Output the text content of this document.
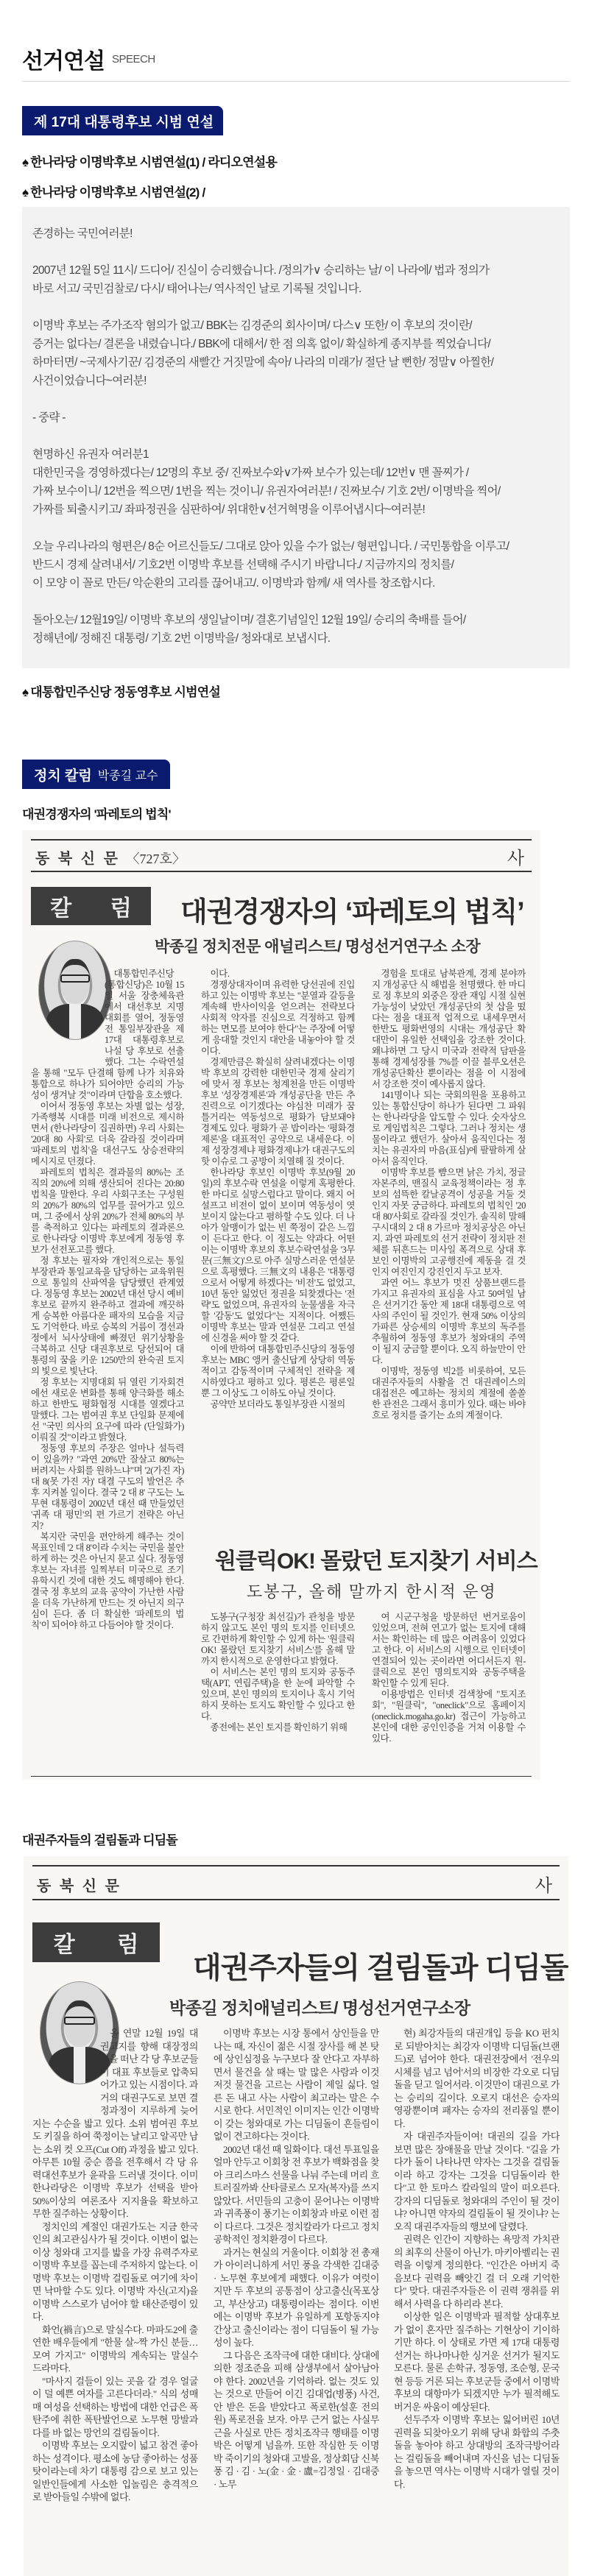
선거연설 SPEECH
제 17대 대통령후보 시범 연설
♠ 한나라당 이명박후보 시범연설(1) / 라디오연설용
♠ 한나라당 이명박후보 시범연설(2) /
존경하는 국민여러분!
2007년 12월 5일 11시/ 드디어/ 진실이 승리했습니다. /정의가∨ 승리하는 날/ 이 나라에/ 법과 정의가
바로 서고/ 국민검찰로/ 다시/ 태어나는/ 역사적인 날로 기록될 것입니다.
이명박 후보는 주가조작 혐의가 없고/ BBK는 김경준의 회사이며/ 다스∨ 또한/ 이 후보의 것이란/
증거는 없다는/ 결론을 내렸습니다./ BBK에 대해서/ 한 점 의혹 없이/ 확실하게 종지부를 찍었습니다/
하마터면/ ~국제사기꾼/ 김경준의 새빨간 거짓말에 속아/ 나라의 미래가/ 절단 날 뻔한/ 정말∨ 아찔한/
사건이었습니다~여러분!
- 중략 -
현명하신 유권자 여러분1
대한민국을 경영하겠다는/ 12명의 후보 중/ 진짜보수와∨가짜 보수가 있는데/ 12번∨ 맨 꼴찌가 /
가짜 보수이니/ 12번을 찍으면/ 1번을 찍는 것이니/ 유권자여러분! / 진짜보수/ 기호 2번/ 이명박을 찍어/
가짜를 퇴출시키고/ 좌파정권을 심판하여/ 위대한∨선거혁명을 이루어냅시다~여러분!
오늘 우리나라의 형편은/ 8순 어르신들도/ 그대로 앉아 있을 수가 없는/ 형편입니다. / 국민통합을 이루고/
반드시 경제 살려내서/ 기호2번 이명박 후보를 선택해 주시기 바랍니다./ 지금까지의 정치를/
이 모양 이 꼴로 만든/ 악순환의 고리를 끊어내고/. 이명박과 함께/ 새 역사를 창조합시다.
돌아오는/ 12월19일/ 이명박 후보의 생일날이며/ 결혼기념일인 12월 19일/ 승리의 축배를 들어/
정해년에/ 정해진 대통령/ 기호 2번 이명박을/ 청와대로 보냅시다.
♠ 대통합민주신당 정동영후보 시범연설
정치 칼럼 박종길 교수
대권경쟁자의 '파레토의 법칙'
동 북 신 문 〈727호〉	사
칼 럼 대권경쟁자의 ‘파레토의 법칙’
박종길 정치전문 애널리스트/ 명성선거연구소 소장

대통합민주신당(통합신당)은 10월 15일 서울 장충체육관에서 대선후보 지명대회를 열어, 정동영 전 통일부장관을 제 17대 대통령후보로 나설 당 후보로 선출했다. 그는 수락연설을 통해 "모두 단결해 함께 나가 치유와 통합으로 하나가 되어야만 승리의 가능성이 생겨날 것"이라며 단합을 호소했다.

이어서 정동영 후보는 차별 없는 성장, 가족행복 시대를 미래 비전으로 제시하면서 (한나라당이 집권하면) 우리 사회는 '20대 80 사회'로 더욱 갈라질 것이라며 '파레토의 법칙'을 대선구도 상승전략의 메시지로 던졌다.

파레토의 법칙은 결과물의 80%는 조직의 20%에 의해 생산되어 진다는 20:80 법칙을 말한다. 우리 사회구조는 구성원의 20%가 80%의 업무를 끌어가고 있으며, 그 중에서 상위 20%가 전체 80%의 부를 축적하고 있다는 파레토의 결과론으로 한나라당 이명박 후보에게 정동영 후보가 선전포고를 했다.

정 후보는 필자와 개인적으로는 통일부장관과 통일교육을 담당하는 교육위원으로 통일의 산파역을 담당했던 관계였다. 정동영 후보는 2002년 대선 당시 예비 후보로 끝까지 완주하고 결과에 깨끗하게 승복한 아름다운 패자의 모습을 지금도 기억한다. 바로 승복의 거름이 경선과정에서 뇌사상태에 빠졌던 위기상황을 극복하고 신당 대권후보로 당선되어 대통령의 꿈을 키운 1250만의 완숙권 토지의 빛으로 빛난다.

정 후보는 지명대회 뒤 열린 기자회견에선 새로운 변화를 통해 양극화를 해소하고 한반도 평화협정 시대를 열겠다고 말했다. 그는 범여권 후보 단일화 문제에선 "국민 의사의 요구에 따라 (단일화가) 이뤄질 것"이라고 밝혔다.

정동영 후보의 주장은 얼마나 설득력이 있을까? "과연 20%만 잘살고 80%는 버려지는 사회를 원하느냐"며 '2(가진 자) 대 8(못 가진 자)' 대결 구도의 발언은 추후 지켜볼 일이다. 결국 '2 대 8' 구도는 노무현 대통령이 2002년 대선 때 만들었던 '귀족 대 평민'의 편 가르기 전략은 아닌지?

복지란 국민을 편안하게 해주는 것이 목표인데 '2 대 8'이라 수치는 국민을 불안하게 하는 것은 아닌지 묻고 싶다. 정동영 후보는 자녀를 일찍부터 미국으로 조기 유학시킨 것에 대한 것도 해명해야 한다. 결국 정 후보의 교육 공약이 가난한 사람을 더욱 가난하게 만드는 것 아닌지 의구심이 든다. 좀 더 확실한 '파레토의 법칙'이 되어야 하고 다듬어야 할 것이다.

이다.

경쟁상대자이며 유력한 당선권에 진입하고 있는 이명박 후보는 "분열과 갈등을 계속해 반사이익을 얻으려는 전략보다 사회적 약자를 진심으로 걱정하고 함께하는 면모를 보여야 한다"는 주장에 어떻게 응대할 것인지 대안을 내놓아야 할 것이다.

경제만큼은 확실히 살려내겠다는 이명박 후보의 강력한 대한민국 경제 살리기에 맞서 정 후보는 청계천을 만든 이명박 후보 '성장경제론'과 개성공단을 만든 추진력으로 이기겠다는 야심찬 미래가 꿈틀거리는 역동성으로 평화가 담보돼야 경제도 있다. 평화가 곧 밥이라는 '평화경제론'을 대표적인 공약으로 내세운다. 이제 성장경제냐 평화경제냐가 대권구도의 핫 이슈로 그 공방이 치열해 질 것이다.

한나라당 후보인 이명박 후보(9월 20일)의 후보수락 연설을 이렇게 혹평한다. 한 마디로 실망스럽다고 말이다. 왜지 어설프고 비전이 없이 보이며 역동성이 엿보이지 않는다고 폄하할 수도 있다. 더 나아가 알맹이가 없는 빈 쭉정이 같은 느낌이 든다고 한다. 이 정도는 약과다. 어떤 이는 이명박 후보의 후보수락연설을 '3무문(三無文)'으로 아주 실망스러운 연설문으로 혹평했다. 三無文의 내용은 '대통령으로서 어떻게 하겠다는 '비전'도 없었고, 10년 동안 잃었던 정권을 되찾겠다는 '전략'도 없었으며, 유권자의 눈물샘을 자극할 '감동'도 없었다"는 지적이다. 어쨌든 이명박 후보는 말과 연설문 그리고 연설에 신경을 써야 할 것 같다.

이에 반하여 대통합민주신당의 정동영 후보는 MBC 앵커 출신답게 상당히 역동적이고 감동적이며 구체적인 전략을 제시하였다고 평하고 있다. 평론은 평론일 뿐 그 이상도 그 이하도 아닐 것이다.

공약만 보더라도 통일부장관 시절의

경험을 토대로 남북관계, 경제 분야까지 개성공단 식 해법을 천명했다. 한 마디로 정 후보의 외중은 장관 재임 시절 실현 가능성이 낮았던 개성공단의 첫 삽을 떴다는 점을 대표적 업적으로 내세우면서 한반도 평화번영의 시대는 개성공단 확대만이 유일한 선택임을 강조한 것이다. 왜냐하면 그 당시 미국과 전략적 담판을 통해 경제성장률 7%를 이끌 블루오션은 개성공단확산 뿐이라는 점을 이 시점에서 강조한 것이 예사롭지 않다.

141명이나 되는 국회의원을 포용하고 있는 통합신당이 하나가 된다면 그 파워는 한나라당을 압도할 수 있다. 숫자상으로 게임법칙은 그렇다. 그러나 정치는 생물이라고 했던가. 살아서 움직인다는 정치는 유권자의 마음(표심)에 팔팔하게 살아서 움직인다.

이명박 후보를 뺨으면 낡은 가치, 정글자본주의, 맨질식 교육정책이라는 정 후보의 섬뜩한 칼날공격이 성공을 거둘 것인지 자못 궁금하다. 파레토의 법칙인 '20대 80'사회로 갈라질 것인가. 솔직히 말해 구시대의 2 대 8 가르마 정치공상은 아닌지. 과연 파레토의 선거 전략이 정치판 전체를 뒤흔드는 미사일 폭격으로 상대 후보인 이명박의 고공행진에 제동을 걸 것인지 여진인지 강진인지 두고 보자.

과연 어느 후보가 멋진 상품브랜드를 가지고 유권자의 표심을 사고 50여일 남은 선거기간 동안 제 18대 대통령으로 역사의 주인이 될 것인가. 현재 50% 이상의 가파른 상승세의 이명박 후보의 독주를 추월하여 정동영 후보가 청와대의 주역이 될지 궁금할 뿐이다. 오직 하늘만이 안다.

이명박, 정동영 빅2를 비롯하여, 모든 대권주자들의 사활을 건 대권레이스의 대접전은 예고하는 정치의 계절에 쏠쏠한 관전은 그래서 흥미가 있다. 때는 바야흐로 정치를 즐기는 쇼의 계절이다.

원클릭OK! 몰랐던 토지찾기 서비스
도봉구, 올해 말까지 한시적 운영

도봉구(구청장 최선길)가 관청을 방문하지 않고도 본인 명의 토지를 인터넷으로 간편하게 확인할 수 있게 하는 '원클릭 OK! 몰랐던 토지찾기 서비스'를 올해 말까지 한시적으로 운영한다고 밝혔다.

이 서비스는 본인 명의 토지와 공동주택(APT, 연립주택)을 한 눈에 파악할 수 있으며, 본인 명의의 토지이나 혹시 기억하지 못하는 토지도 확인할 수 있다고 한다.

종전에는 본인 토지를 확인하기 위해

여 시군구청을 방문하던 번거로움이 있었으며, 전혀 연고가 없는 토지에 대해서는 확인하는 데 많은 어려움이 있었다고 한다. 이 서비스의 시행으로 인터넷이 연결되어 있는 곳이라면 어디서든지 원-클릭으로 본인 명의토지와 공동주택을 확인할 수 있게 된다.

이용방법은 인터넷 검색창에 "토지조회", "원클릭", "oneclick"으로 홈페이지(oneclick.mogaha.go.kr) 접근이 가능하고 본인에 대한 공인인증을 거쳐 이용할 수 있다.

대권주자들의 걸림돌과 디딤돌
동 북 신 문	사
칼 럼
대권주자들의 걸림돌과 디딤돌
박종길 정치애널리스트/ 명성선거연구소장

올 연말 12월 19일 대권고지를 향해 대장정의 길을 떠난 각 당 후보군들이 대표 후보들로 압축되어가고 있는 시점이다. 과거의 대권구도로 보면 결정과정이 지루하게 늦어지는 수순을 밟고 있다. 소위 범여권 후보도 키질을 하여 쭉정이는 날리고 알곡만 남는 소위 컷 오프(Cut Off) 과정을 밟고 있다. 아무튼 10월 중순 쯤을 전후해서 각 당 유력대선후보가 윤곽을 드러낼 것이다. 이미 한나라당은 이명박 후보가 선택을 받아 50%이상의 여론조사 지지율을 확보하고 무한 질주하는 상황이다.

정치인의 계절인 대권가도는 지금 한국인의 최고관심사가 될 것이다. 이변이 없는 이상 청와대 고지를 밟을 가장 유력주자로 이명박 후보를 꼽는데 주저하지 않는다. 이명박 후보는 이명박 걸림돌로 여기에 차이면 낙마할 수도 있다. 이명박 자신(고지)을 이명박 스스로가 넘어야 할 태산준령이 있다.

화언(禍言)으로 말실수다. 마파도2에 출연한 배우들에게 "한물 살~짝 가신 분들… 모여 가지고" 이명박의 계속되는 말실수 드라마다.

"마사지 걸들이 있는 곳을 갈 경우 얼굴이 덜 예쁜 여자를 고른다더라." 식의 성매매 여성을 선택하는 방법에 대한 언급은 폭탄주에 취한 폭탄발언으로 노무현 망발과 다를 바 없는 망언의 걸림돌이다.

이명박 후보는 오지랖이 넓고 참견 좋아하는 성격이다. 평소에 농담 좋아하는 성품 탓이라는데 차기 대통령 감으로 보고 있는 일반인들에게 사소한 입놀림은 충격적으로 받아들일 수밖에 없다.

이명박 후보는 시장 통에서 상인들을 만나는 때, 자신이 젊은 시절 장사를 해 본 탓에 상인심정을 누구보다 잘 안다고 자부하면서 물건을 살 때는 말 많은 사람과 이것저것 물건을 고르는 사람이 제일 싫다. 얼른 돈 내고 사는 사람이 최고라는 말은 수시로 한다. 서민적인 이미지는 인간 이명박이 갖는 청와대로 가는 디딤돌이 흔들림이 없이 견고하다는 것이다.

2002년 대선 때 일화이다. 대선 투표일을 얼마 안두고 이회창 전 후보가 백화점을 찾아 크리스마스 선물을 나눠 주는데 머리 흐트러질까봐 산타클로스 모자(복자)를 쓰지 않았다. 서민들의 고충이 묻어나는 이명박과 귀족풍이 풍기는 이회창과 바로 이런 점이 다르다. 그것은 정치칼라가 다르고 정치공학적인 정치환경이 다르다.

과거는 현실의 거울이다. 이회창 전 총재가 아이러니하게 서민 풍을 각색한 김대중 · 노무현 후보에게 패했다. 이유가 여럿이지만 두 후보의 공통점이 상고출신(목포상고, 부산상고) 대통령이라는 점이다. 이번에는 이명박 후보가 유일하게 포항동지야간상고 출신이라는 점이 디딤돌이 될 가능성이 높다.

그 다음은 조작극에 대한 대비다. 상대에 의한 정조준을 피해 삼생부에서 살아남아야 한다. 2002년을 기억하라. 없는 것도 있는 것으로 만들어 이긴 김대업(병풍) 사건, 안 받은 돈을 받았다고 폭로한(설훈 전의원) 폭로전을 보자. 아무 근거 없는 사실무근을 사실로 만든 정치조작극 행태를 이명박은 어떻게 넘을까. 또한 작심한 듯 이명박 죽이기의 청와대 고발을, 정상회담 신북풍 김 · 김 · 노(金 · 金 · 盧=김정일 · 김대중 · 노무

현) 최강자들의 대권개입 등을 KO 펀치로 되받아치는 최강자 이명박 디딤돌(브랜드)로 넘어야 한다. 대권전장에서 '전우의 시체를 넘고 넘어'서의 비장한 각오로 디딤돌을 딛고 일어서라. 이것만이 대권으로 가는 승리의 길이다. 오로지 대선은 승자의 영광뿐이며 패자는 승자의 전리품일 뿐이다.

자 대권주자들이여! 대권의 길을 가다 보면 많은 장애물을 만날 것이다. "길을 가다가 돌이 나타나면 약자는 그것을 걸림돌이라 하고 강자는 그것을 디딤돌이라 한다"고 한 토마스 칼라일의 말이 떠오른다. 강자의 디딤돌로 청와대의 주인이 될 것이냐? 아니면 약자의 걸림돌이 될 것이냐? 는 오직 대권주자들의 행보에 달렸다.

권력은 인간이 지향하는 욕망적 가치관의 최후의 산물이 아닌가. 마키아벨리는 권력을 이렇게 정의한다. "인간은 아버지 죽음보다 권력을 빼앗긴 걸 더 오래 기억한다" 맞다. 대권주자들은 이 권력 쟁취를 위해서 사력을 다 하리라 본다.

이상한 일은 이명박과 필적할 상대후보가 없이 혼자만 질주하는 기현상이 기이하기만 하다. 이 상태로 가면 제 17대 대통령선거는 하나마나한 싱거운 선거가 될지도 모른다. 물론 손학규, 정동영, 조순형, 문국현 등등 거론 되는 후보군들 중에서 이명박 후보의 대항마가 되겠지만 누가 필적해도 버거운 싸움이 예상된다.

선두주자 이명박 후보는 잃어버린 10년 권력을 되찾아오기 위해 당내 화합의 주춧돌을 놓아야 하고 상대방의 조작극방어라는 걸림돌을 빼어내며 자신을 넘는 디딤돌을 놓으면 역사는 이명박 시대가 열릴 것이다.
